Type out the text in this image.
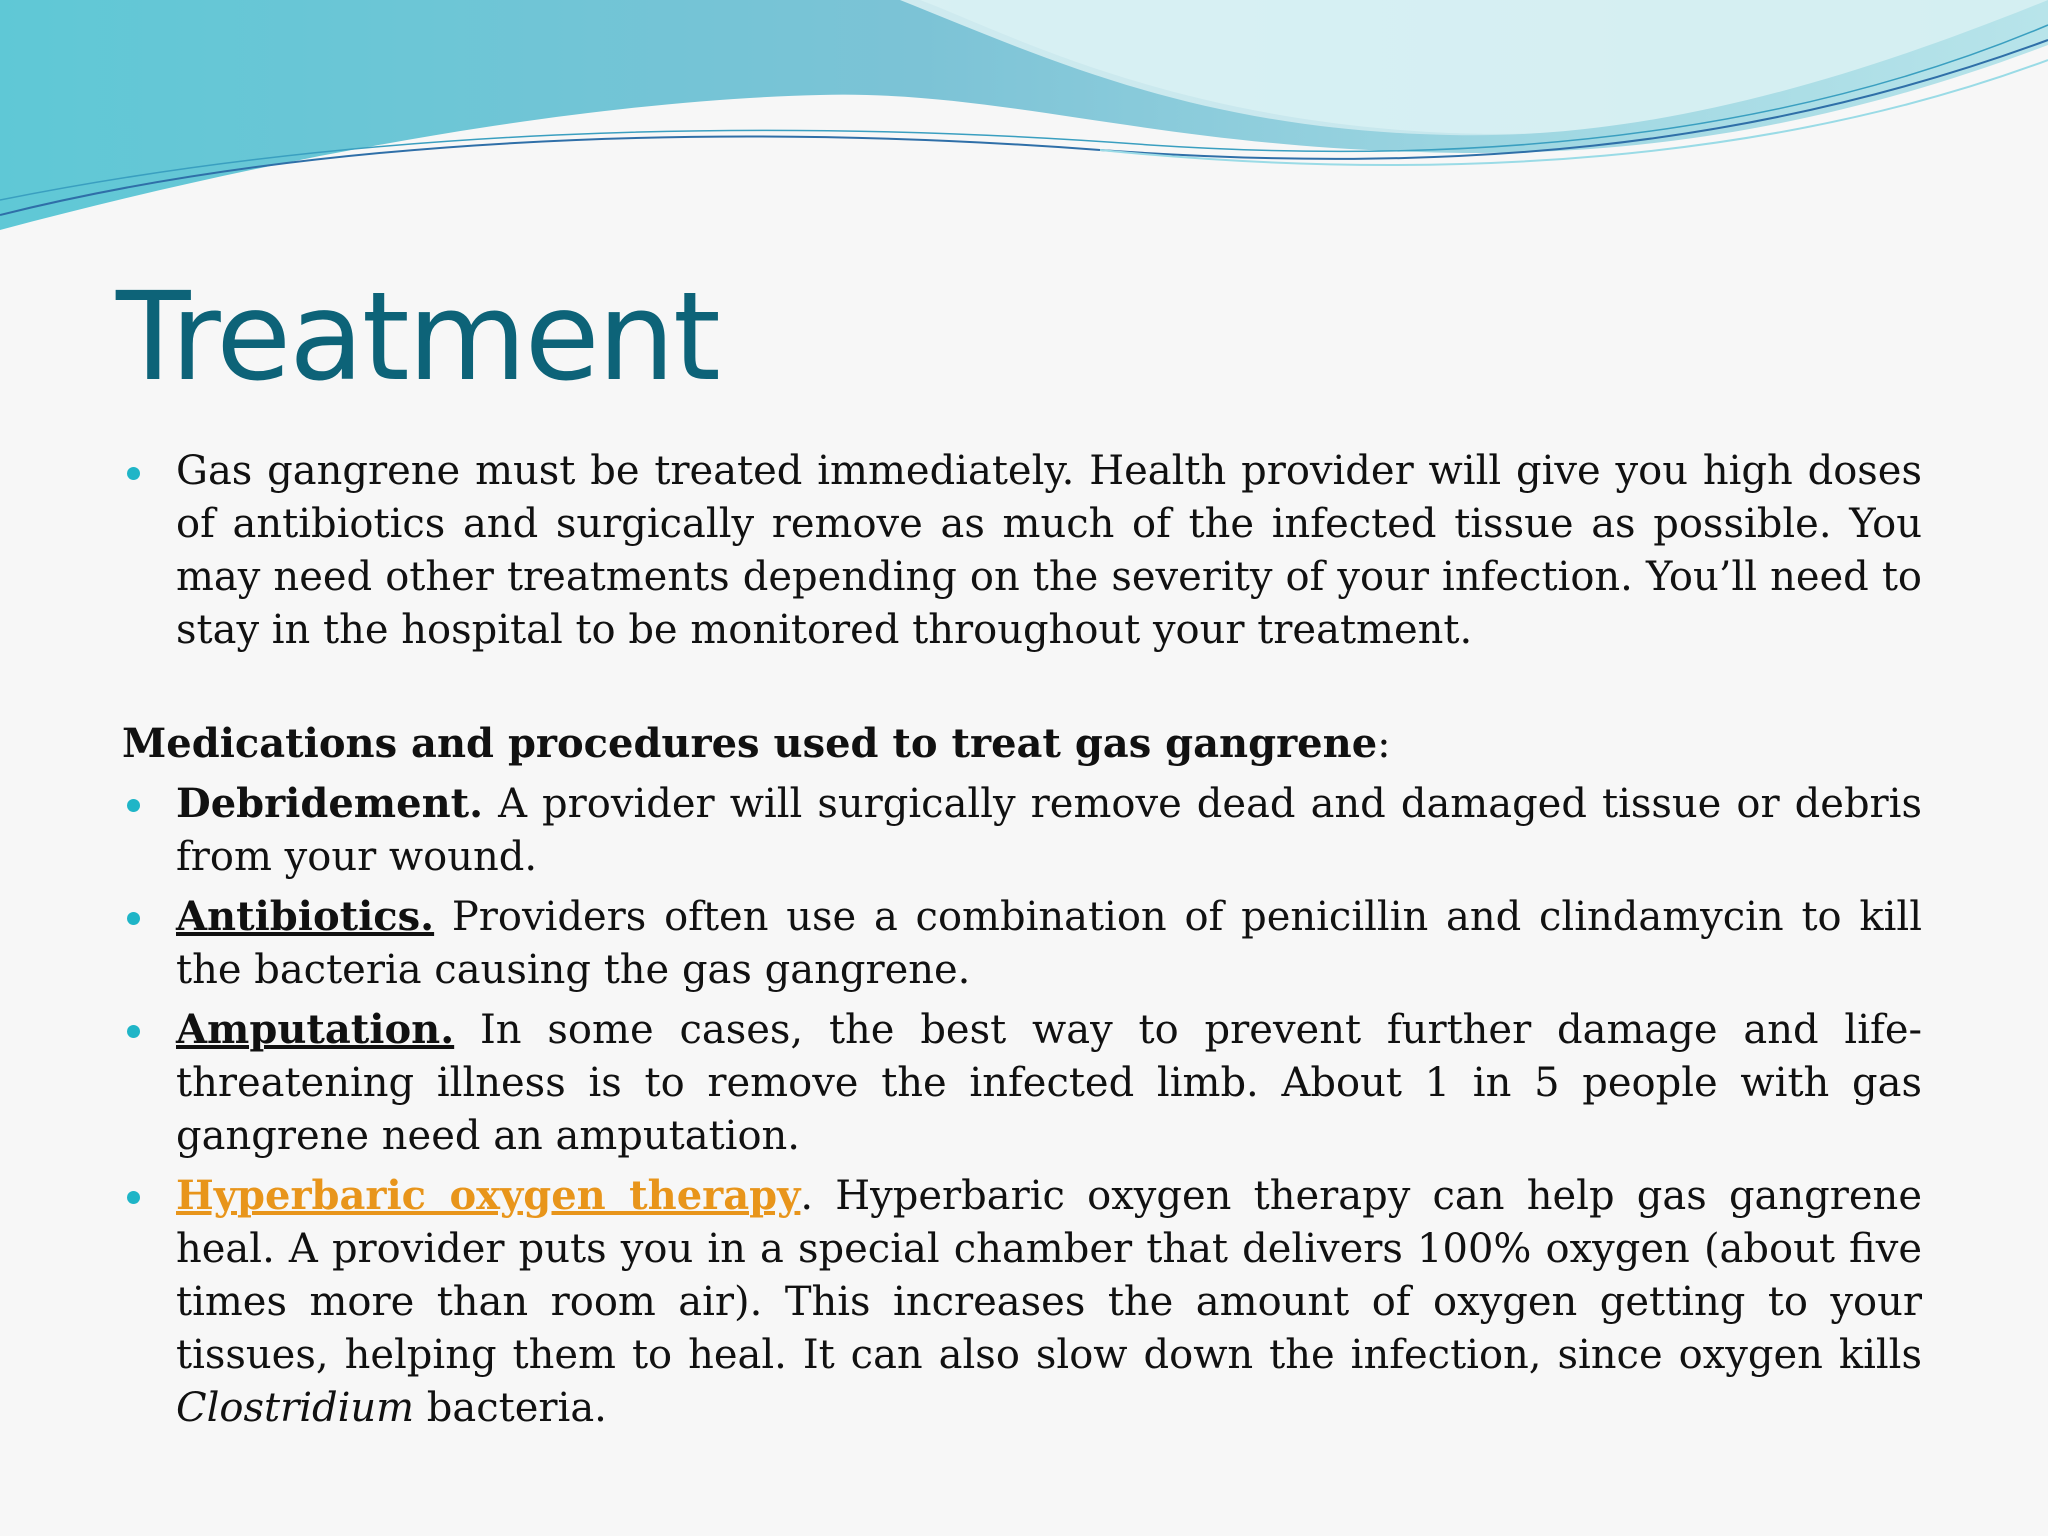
Treatment
Gas gangrene must be treated immediately. Health provider will give you high doses of antibiotics and surgically remove as much of the infected tissue as possible. You may need other treatments depending on the severity of your infection. You’ll need to stay in the hospital to be monitored throughout your treatment.
Medications and procedures used to treat gas gangrene:
Debridement. A provider will surgically remove dead and damaged tissue or debris from your wound.
Antibiotics. Providers often use a combination of penicillin and clindamycin to kill the bacteria causing the gas gangrene.
Amputation. In some cases, the best way to prevent further damage and life-threatening illness is to remove the infected limb. About 1 in 5 people with gas gangrene need an amputation.
Hyperbaric oxygen therapy. Hyperbaric oxygen therapy can help gas gangrene heal. A provider puts you in a special chamber that delivers 100% oxygen (about five times more than room air). This increases the amount of oxygen getting to your tissues, helping them to heal. It can also slow down the infection, since oxygen kills Clostridium bacteria.
